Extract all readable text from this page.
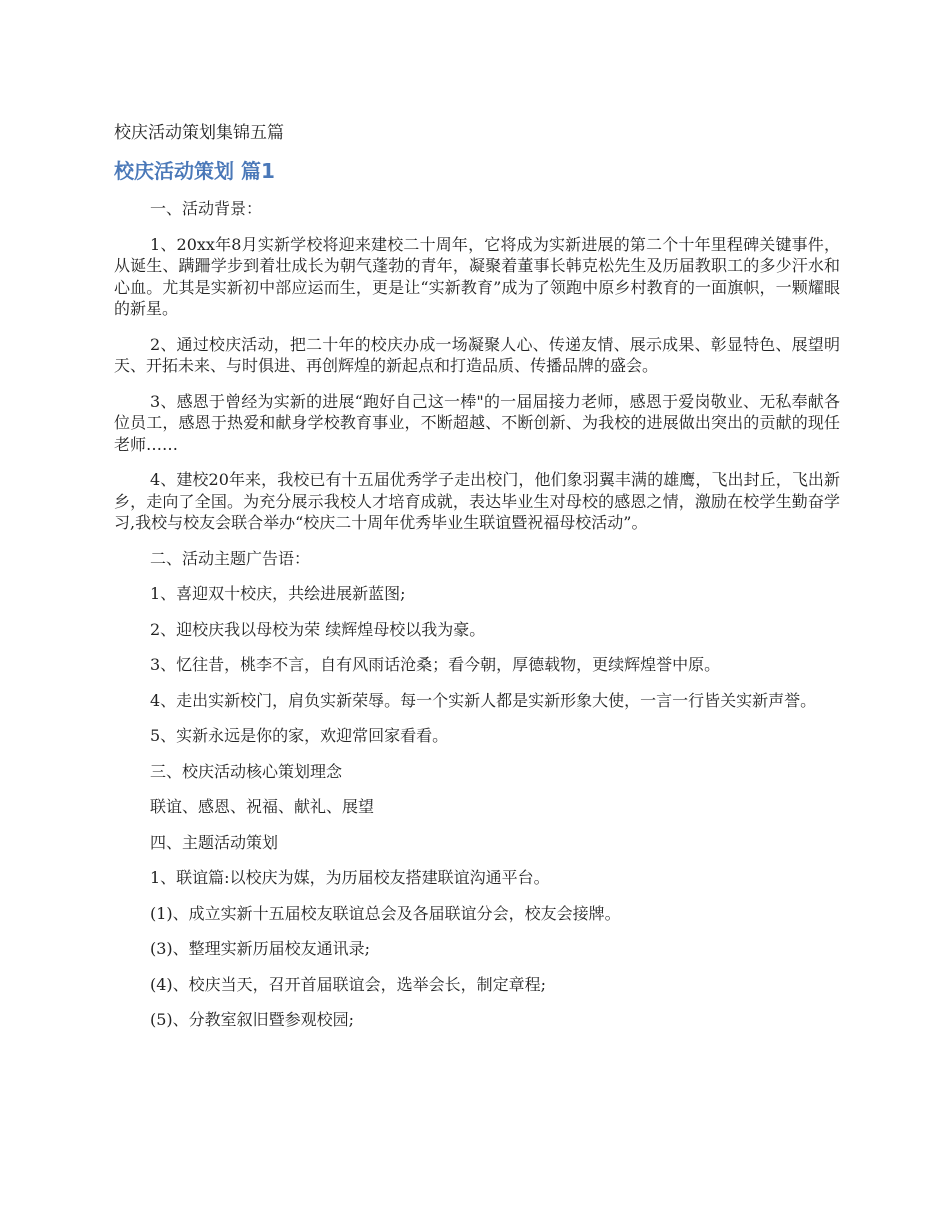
校庆活动策划集锦五篇
校庆活动策划 篇1

一、活动背景：

1、20xx年8月实新学校将迎来建校二十周年，它将成为实新进展的第二个十年里程碑关键事件，从诞生、蹒跚学步到着壮成长为朝气蓬勃的青年，凝聚着董事长韩克松先生及历届教职工的多少汗水和心血。尤其是实新初中部应运而生，更是让“实新教育”成为了领跑中原乡村教育的一面旗帜，一颗耀眼的新星。

2、通过校庆活动，把二十年的校庆办成一场凝聚人心、传递友情、展示成果、彰显特色、展望明天、开拓未来、与时俱进、再创辉煌的新起点和打造品质、传播品牌的盛会。

3、感恩于曾经为实新的进展“跑好自己这一棒"的一届届接力老师，感恩于爱岗敬业、无私奉献各位员工，感恩于热爱和献身学校教育事业，不断超越、不断创新、为我校的进展做出突出的贡献的现任老师……

4、建校20年来，我校已有十五届优秀学子走出校门，他们象羽翼丰满的雄鹰，飞出封丘，飞出新乡，走向了全国。为充分展示我校人才培育成就，表达毕业生对母校的感恩之情，激励在校学生勤奋学习,我校与校友会联合举办“校庆二十周年优秀毕业生联谊暨祝福母校活动”。

二、活动主题广告语：

1、喜迎双十校庆，共绘进展新蓝图;

2、迎校庆我以母校为荣 续辉煌母校以我为豪。

3、忆往昔，桃李不言，自有风雨话沧桑；看今朝，厚德载物，更续辉煌誉中原。

4、走出实新校门，肩负实新荣辱。每一个实新人都是实新形象大使，一言一行皆关实新声誉。

5、实新永远是你的家，欢迎常回家看看。

三、校庆活动核心策划理念

联谊、感恩、祝福、献礼、展望

四、主题活动策划

1、联谊篇:以校庆为媒，为历届校友搭建联谊沟通平台。

(1)、成立实新十五届校友联谊总会及各届联谊分会，校友会接牌。

(3)、整理实新历届校友通讯录;

(4)、校庆当天，召开首届联谊会，选举会长，制定章程;

(5)、分教室叙旧暨参观校园;
